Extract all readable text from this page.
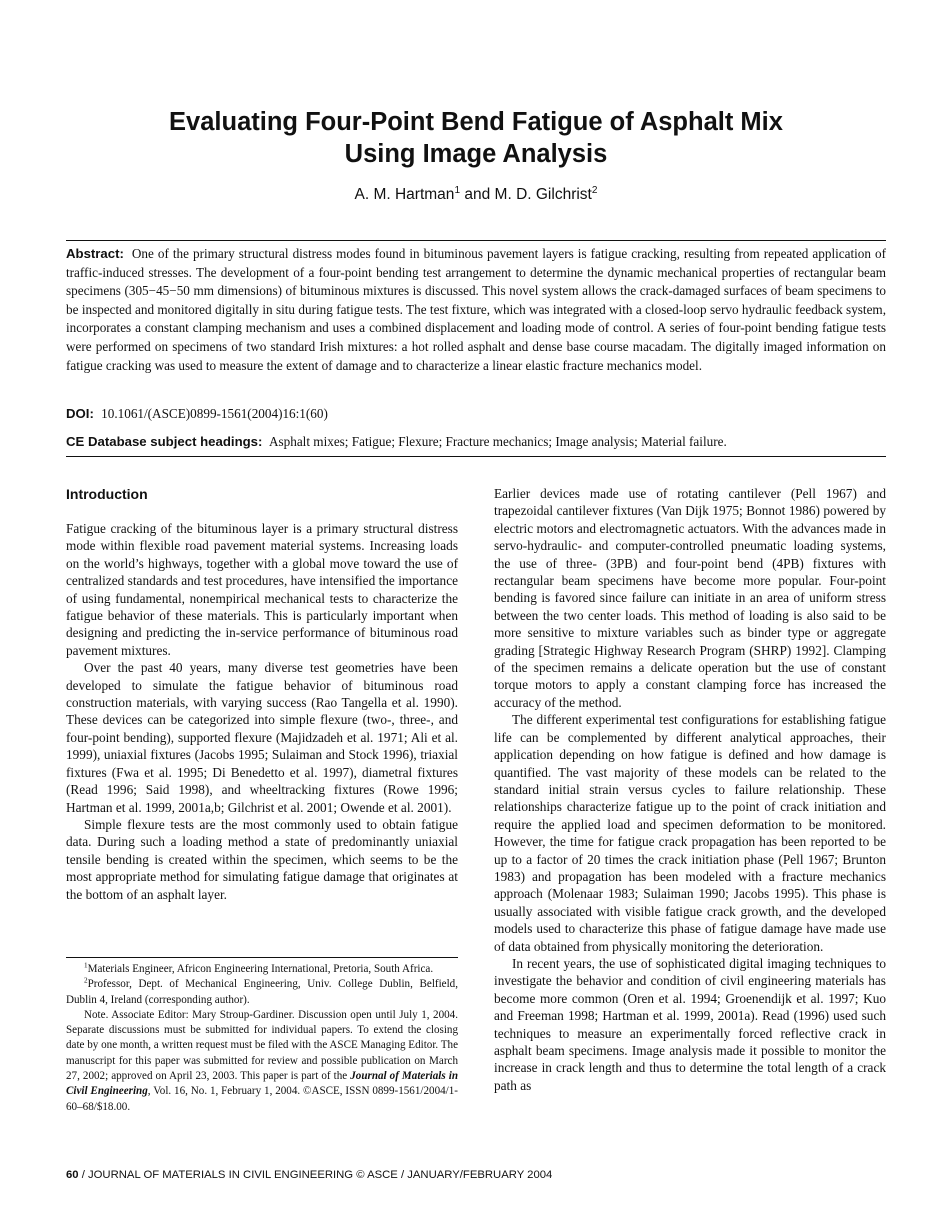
Evaluating Four-Point Bend Fatigue of Asphalt Mix
Using Image Analysis
A. M. Hartman$^1$ and M. D. Gilchrist$^2$
Abstract: One of the primary structural distress modes found in bituminous pavement layers is fatigue cracking, resulting from repeated application of traffic-induced stresses. The development of a four-point bending test arrangement to determine the dynamic mechanical properties of rectangular beam specimens (305−45−50 mm dimensions) of bituminous mixtures is discussed. This novel system allows the crack-damaged surfaces of beam specimens to be inspected and monitored digitally in situ during fatigue tests. The test fixture, which was integrated with a closed-loop servo hydraulic feedback system, incorporates a constant clamping mechanism and uses a combined displacement and loading mode of control. A series of four-point bending fatigue tests were performed on specimens of two standard Irish mixtures: a hot rolled asphalt and dense base course macadam. The digitally imaged information on fatigue cracking was used to measure the extent of damage and to characterize a linear elastic fracture mechanics model.
DOI: 10.1061/(ASCE)0899-1561(2004)16:1(60)
CE Database subject headings: Asphalt mixes; Fatigue; Flexure; Fracture mechanics; Image analysis; Material failure.
Introduction

Fatigue cracking of the bituminous layer is a primary structural distress mode within flexible road pavement material systems. Increasing loads on the world’s highways, together with a global move toward the use of centralized standards and test procedures, have intensified the importance of using fundamental, nonempirical mechanical tests to characterize the fatigue behavior of these materials. This is particularly important when designing and predicting the in-service performance of bituminous road pavement mixtures.

Over the past 40 years, many diverse test geometries have been developed to simulate the fatigue behavior of bituminous road construction materials, with varying success (Rao Tangella et al. 1990). These devices can be categorized into simple flexure (two-, three-, and four-point bending), supported flexure (Majidzadeh et al. 1971; Ali et al. 1999), uniaxial fixtures (Jacobs 1995; Sulaiman and Stock 1996), triaxial fixtures (Fwa et al. 1995; Di Benedetto et al. 1997), diametral fixtures (Read 1996; Said 1998), and wheeltracking fixtures (Rowe 1996; Hartman et al. 1999, 2001a,b; Gilchrist et al. 2001; Owende et al. 2001).

Simple flexure tests are the most commonly used to obtain fatigue data. During such a loading method a state of predominantly uniaxial tensile bending is created within the specimen, which seems to be the most appropriate method for simulating fatigue damage that originates at the bottom of an asphalt layer.

$^1$Materials Engineer, Africon Engineering International, Pretoria, South Africa.

$^2$Professor, Dept. of Mechanical Engineering, Univ. College Dublin, Belfield, Dublin 4, Ireland (corresponding author).

Note. Associate Editor: Mary Stroup-Gardiner. Discussion open until July 1, 2004. Separate discussions must be submitted for individual papers. To extend the closing date by one month, a written request must be filed with the ASCE Managing Editor. The manuscript for this paper was submitted for review and possible publication on March 27, 2002; approved on April 23, 2003. This paper is part of the Journal of Materials in Civil Engineering, Vol. 16, No. 1, February 1, 2004. ©ASCE, ISSN 0899-1561/2004/1-60–68/$18.00.

Earlier devices made use of rotating cantilever (Pell 1967) and trapezoidal cantilever fixtures (Van Dijk 1975; Bonnot 1986) powered by electric motors and electromagnetic actuators. With the advances made in servo-hydraulic- and computer-controlled pneumatic loading systems, the use of three- (3PB) and four-point bend (4PB) fixtures with rectangular beam specimens have become more popular. Four-point bending is favored since failure can initiate in an area of uniform stress between the two center loads. This method of loading is also said to be more sensitive to mixture variables such as binder type or aggregate grading [Strategic Highway Research Program (SHRP) 1992]. Clamping of the specimen remains a delicate operation but the use of constant torque motors to apply a constant clamping force has increased the accuracy of the method.

The different experimental test configurations for establishing fatigue life can be complemented by different analytical approaches, their application depending on how fatigue is defined and how damage is quantified. The vast majority of these models can be related to the standard initial strain versus cycles to failure relationship. These relationships characterize fatigue up to the point of crack initiation and require the applied load and specimen deformation to be monitored. However, the time for fatigue crack propagation has been reported to be up to a factor of 20 times the crack initiation phase (Pell 1967; Brunton 1983) and propagation has been modeled with a fracture mechanics approach (Molenaar 1983; Sulaiman 1990; Jacobs 1995). This phase is usually associated with visible fatigue crack growth, and the developed models used to characterize this phase of fatigue damage have made use of data obtained from physically monitoring the deterioration.

In recent years, the use of sophisticated digital imaging techniques to investigate the behavior and condition of civil engineering materials has become more common (Oren et al. 1994; Groenendijk et al. 1997; Kuo and Freeman 1998; Hartman et al. 1999, 2001a). Read (1996) used such techniques to measure an experimentally forced reflective crack in asphalt beam specimens. Image analysis made it possible to monitor the increase in crack length and thus to determine the total length of a crack path as

60 / JOURNAL OF MATERIALS IN CIVIL ENGINEERING © ASCE / JANUARY/FEBRUARY 2004
